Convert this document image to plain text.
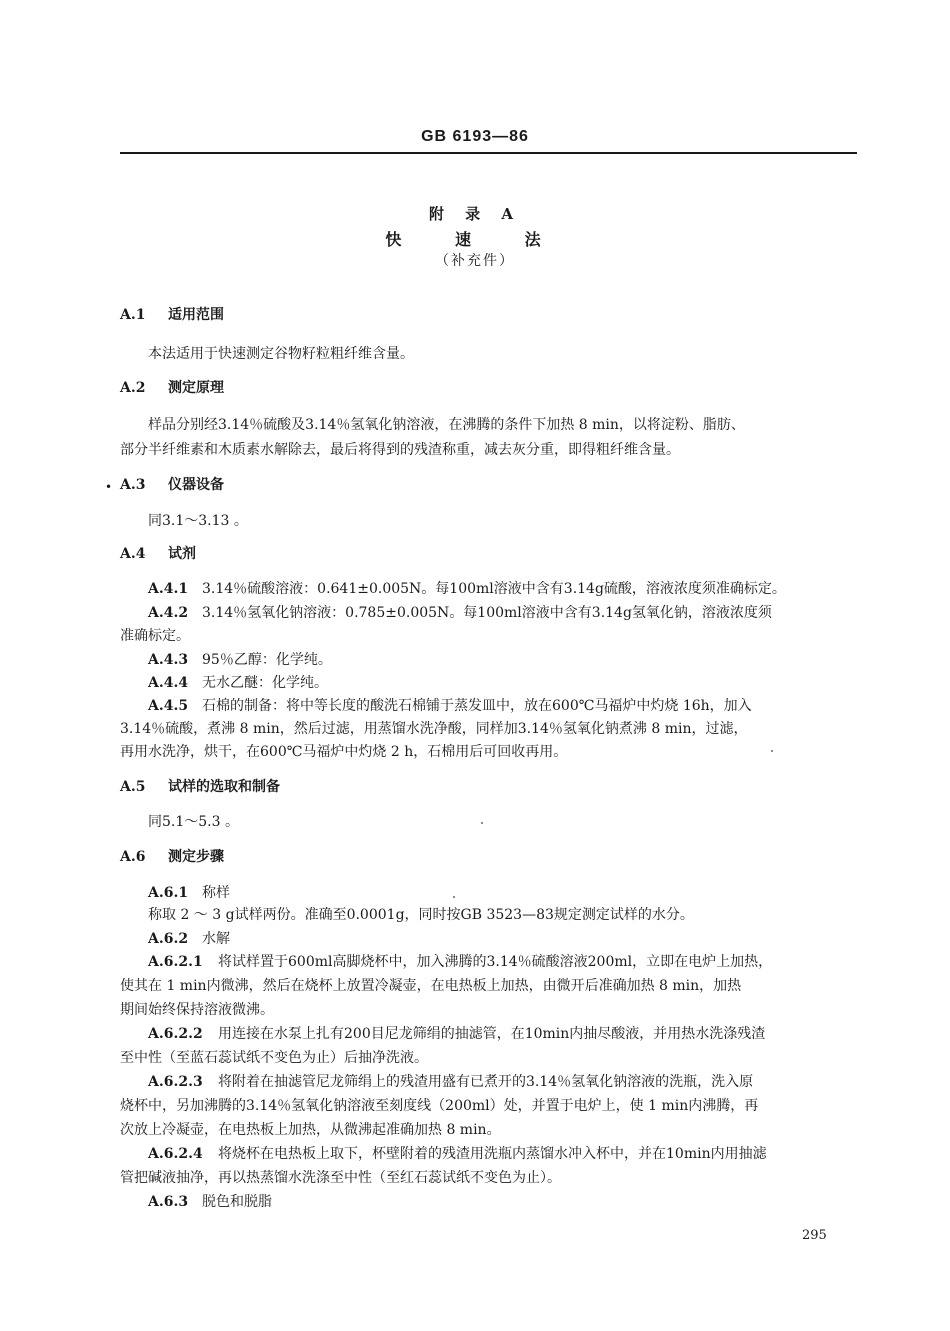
GB 6193—86
附 录 A
快 速 法
（补充件）
A.1 适用范围
本法适用于快速测定谷物籽粒粗纤维含量。
A.2 测定原理
样品分别经3.14％硫酸及3.14％氢氧化钠溶液，在沸腾的条件下加热 8 min，以将淀粉、脂肪、
部分半纤维素和木质素水解除去，最后将得到的残渣称重，减去灰分重，即得粗纤维含量。
• A.3 仪器设备
同3.1～3.13 。
A.4 试剂
A.4.1 3.14％硫酸溶液：0.641±0.005N。每100ml溶液中含有3.14g硫酸，溶液浓度须准确标定。
A.4.2 3.14％氢氧化钠溶液：0.785±0.005N。每100ml溶液中含有3.14g氢氧化钠，溶液浓度须
准确标定。
A.4.3 95％乙醇：化学纯。
A.4.4 无水乙醚：化学纯。
A.4.5 石棉的制备：将中等长度的酸洗石棉铺于蒸发皿中，放在600℃马福炉中灼烧 16h，加入
3.14％硫酸，煮沸 8 min，然后过滤，用蒸馏水洗净酸，同样加3.14％氢氧化钠煮沸 8 min，过滤，
再用水洗净，烘干，在600℃马福炉中灼烧 2 h，石棉用后可回收再用。
A.5 试样的选取和制备
同5.1～5.3 。
A.6 测定步骤
A.6.1 称样
称取 2 ～ 3 g试样两份。准确至0.0001g，同时按GB 3523—83规定测定试样的水分。
A.6.2 水解
A.6.2.1 将试样置于600ml高脚烧杯中，加入沸腾的3.14％硫酸溶液200ml，立即在电炉上加热，
使其在 1 min内微沸，然后在烧杯上放置冷凝壶，在电热板上加热，由微开后准确加热 8 min，加热
期间始终保持溶液微沸。
A.6.2.2 用连接在水泵上扎有200目尼龙筛绢的抽滤管，在10min内抽尽酸液，并用热水洗涤残渣
至中性（至蓝石蕊试纸不变色为止）后抽净洗液。
A.6.2.3 将附着在抽滤管尼龙筛绢上的残渣用盛有已煮开的3.14％氢氧化钠溶液的洗瓶，洗入原
烧杯中，另加沸腾的3.14％氢氧化钠溶液至刻度线（200ml）处，并置于电炉上，使 1 min内沸腾，再
次放上冷凝壶，在电热板上加热，从微沸起准确加热 8 min。
A.6.2.4 将烧杯在电热板上取下，杯壁附着的残渣用洗瓶内蒸馏水冲入杯中，并在10min内用抽滤
管把碱液抽净，再以热蒸馏水洗涤至中性（至红石蕊试纸不变色为止）。
A.6.3 脱色和脱脂
295
